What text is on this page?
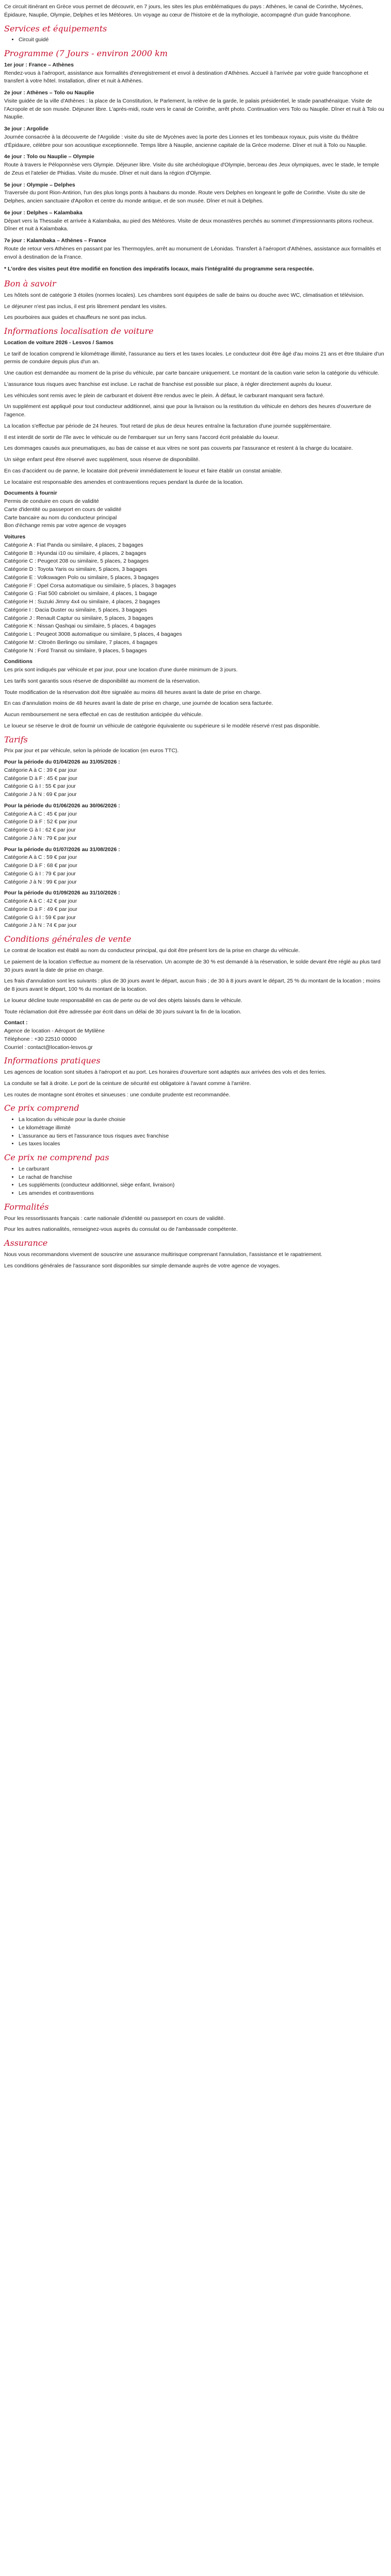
Ce circuit itinérant en Grèce vous permet de découvrir, en 7 jours, les sites les plus emblématiques du pays : Athènes, le canal de Corinthe, Mycènes, Épidaure, Nauplie, Olympie, Delphes et les Météores. Un voyage au cœur de l'histoire et de la mythologie, accompagné d'un guide francophone.

Services et équipements
• Circuit guidé
Programme (7 Jours - environ 2000 km
1er jour : France – Athènes
Rendez-vous à l'aéroport, assistance aux formalités d'enregistrement et envol à destination d'Athènes. Accueil à l'arrivée par votre guide francophone et transfert à votre hôtel. Installation, dîner et nuit à Athènes.
2e jour : Athènes – Tolo ou Nauplie
Visite guidée de la ville d'Athènes : la place de la Constitution, le Parlement, la relève de la garde, le palais présidentiel, le stade panathénaïque. Visite de l'Acropole et de son musée. Déjeuner libre. L'après-midi, route vers le canal de Corinthe, arrêt photo. Continuation vers Tolo ou Nauplie. Dîner et nuit à Tolo ou Nauplie.
3e jour : Argolide
Journée consacrée à la découverte de l'Argolide : visite du site de Mycènes avec la porte des Lionnes et les tombeaux royaux, puis visite du théâtre d'Épidaure, célèbre pour son acoustique exceptionnelle. Temps libre à Nauplie, ancienne capitale de la Grèce moderne. Dîner et nuit à Tolo ou Nauplie.
4e jour : Tolo ou Nauplie – Olympie
Route à travers le Péloponnèse vers Olympie. Déjeuner libre. Visite du site archéologique d'Olympie, berceau des Jeux olympiques, avec le stade, le temple de Zeus et l'atelier de Phidias. Visite du musée. Dîner et nuit dans la région d'Olympie.
5e jour : Olympie – Delphes
Traversée du pont Rion-Antirion, l'un des plus longs ponts à haubans du monde. Route vers Delphes en longeant le golfe de Corinthe. Visite du site de Delphes, ancien sanctuaire d'Apollon et centre du monde antique, et de son musée. Dîner et nuit à Delphes.
6e jour : Delphes – Kalambaka
Départ vers la Thessalie et arrivée à Kalambaka, au pied des Météores. Visite de deux monastères perchés au sommet d'impressionnants pitons rocheux. Dîner et nuit à Kalambaka.
7e jour : Kalambaka – Athènes – France
Route de retour vers Athènes en passant par les Thermopyles, arrêt au monument de Léonidas. Transfert à l'aéroport d'Athènes, assistance aux formalités et envol à destination de la France.

* L'ordre des visites peut être modifié en fonction des impératifs locaux, mais l'intégralité du programme sera respectée.

Bon à savoir

Les hôtels sont de catégorie 3 étoiles (normes locales). Les chambres sont équipées de salle de bains ou douche avec WC, climatisation et télévision.

Le déjeuner n'est pas inclus, il est pris librement pendant les visites.

Les pourboires aux guides et chauffeurs ne sont pas inclus.

Informations localisation de voiture

Location de voiture 2026 - Lesvos / Samos

Le tarif de location comprend le kilométrage illimité, l'assurance au tiers et les taxes locales. Le conducteur doit être âgé d'au moins 21 ans et être titulaire d'un permis de conduire depuis plus d'un an.

Une caution est demandée au moment de la prise du véhicule, par carte bancaire uniquement. Le montant de la caution varie selon la catégorie du véhicule.

L'assurance tous risques avec franchise est incluse. Le rachat de franchise est possible sur place, à régler directement auprès du loueur.

Les véhicules sont remis avec le plein de carburant et doivent être rendus avec le plein. À défaut, le carburant manquant sera facturé.

Un supplément est appliqué pour tout conducteur additionnel, ainsi que pour la livraison ou la restitution du véhicule en dehors des heures d'ouverture de l'agence.

La location s'effectue par période de 24 heures. Tout retard de plus de deux heures entraîne la facturation d'une journée supplémentaire.

Il est interdit de sortir de l'île avec le véhicule ou de l'embarquer sur un ferry sans l'accord écrit préalable du loueur.

Les dommages causés aux pneumatiques, au bas de caisse et aux vitres ne sont pas couverts par l'assurance et restent à la charge du locataire.

Un siège enfant peut être réservé avec supplément, sous réserve de disponibilité.

En cas d'accident ou de panne, le locataire doit prévenir immédiatement le loueur et faire établir un constat amiable.

Le locataire est responsable des amendes et contraventions reçues pendant la durée de la location.

Documents à fournir
Permis de conduire en cours de validité
Carte d'identité ou passeport en cours de validité
Carte bancaire au nom du conducteur principal
Bon d'échange remis par votre agence de voyages
Voitures
Catégorie A : Fiat Panda ou similaire, 4 places, 2 bagages
Catégorie B : Hyundai i10 ou similaire, 4 places, 2 bagages
Catégorie C : Peugeot 208 ou similaire, 5 places, 2 bagages
Catégorie D : Toyota Yaris ou similaire, 5 places, 3 bagages
Catégorie E : Volkswagen Polo ou similaire, 5 places, 3 bagages
Catégorie F : Opel Corsa automatique ou similaire, 5 places, 3 bagages
Catégorie G : Fiat 500 cabriolet ou similaire, 4 places, 1 bagage
Catégorie H : Suzuki Jimny 4x4 ou similaire, 4 places, 2 bagages
Catégorie I : Dacia Duster ou similaire, 5 places, 3 bagages
Catégorie J : Renault Captur ou similaire, 5 places, 3 bagages
Catégorie K : Nissan Qashqai ou similaire, 5 places, 4 bagages
Catégorie L : Peugeot 3008 automatique ou similaire, 5 places, 4 bagages
Catégorie M : Citroën Berlingo ou similaire, 7 places, 4 bagages
Catégorie N : Ford Transit ou similaire, 9 places, 5 bagages
Conditions

Les prix sont indiqués par véhicule et par jour, pour une location d'une durée minimum de 3 jours.

Les tarifs sont garantis sous réserve de disponibilité au moment de la réservation.

Toute modification de la réservation doit être signalée au moins 48 heures avant la date de prise en charge.

En cas d'annulation moins de 48 heures avant la date de prise en charge, une journée de location sera facturée.

Aucun remboursement ne sera effectué en cas de restitution anticipée du véhicule.

Le loueur se réserve le droit de fournir un véhicule de catégorie équivalente ou supérieure si le modèle réservé n'est pas disponible.

Tarifs

Prix par jour et par véhicule, selon la période de location (en euros TTC).

Pour la période du 01/04/2026 au 31/05/2026 :
Catégorie A à C : 39 € par jour
Catégorie D à F : 45 € par jour
Catégorie G à I : 55 € par jour
Catégorie J à N : 69 € par jour
Pour la période du 01/06/2026 au 30/06/2026 :
Catégorie A à C : 45 € par jour
Catégorie D à F : 52 € par jour
Catégorie G à I : 62 € par jour
Catégorie J à N : 79 € par jour
Pour la période du 01/07/2026 au 31/08/2026 :
Catégorie A à C : 59 € par jour
Catégorie D à F : 68 € par jour
Catégorie G à I : 79 € par jour
Catégorie J à N : 99 € par jour
Pour la période du 01/09/2026 au 31/10/2026 :
Catégorie A à C : 42 € par jour
Catégorie D à F : 49 € par jour
Catégorie G à I : 59 € par jour
Catégorie J à N : 74 € par jour
Conditions générales de vente

Le contrat de location est établi au nom du conducteur principal, qui doit être présent lors de la prise en charge du véhicule.

Le paiement de la location s'effectue au moment de la réservation. Un acompte de 30 % est demandé à la réservation, le solde devant être réglé au plus tard 30 jours avant la date de prise en charge.

Les frais d'annulation sont les suivants : plus de 30 jours avant le départ, aucun frais ; de 30 à 8 jours avant le départ, 25 % du montant de la location ; moins de 8 jours avant le départ, 100 % du montant de la location.

Le loueur décline toute responsabilité en cas de perte ou de vol des objets laissés dans le véhicule.

Toute réclamation doit être adressée par écrit dans un délai de 30 jours suivant la fin de la location.

Contact :
Agence de location - Aéroport de Mytilène
Téléphone : +30 22510 00000
Courriel : contact@location-lesvos.gr
Informations pratiques

Les agences de location sont situées à l'aéroport et au port. Les horaires d'ouverture sont adaptés aux arrivées des vols et des ferries.

La conduite se fait à droite. Le port de la ceinture de sécurité est obligatoire à l'avant comme à l'arrière.

Les routes de montagne sont étroites et sinueuses : une conduite prudente est recommandée.

Ce prix comprend
• La location du véhicule pour la durée choisie
• Le kilométrage illimité
• L'assurance au tiers et l'assurance tous risques avec franchise
• Les taxes locales
Ce prix ne comprend pas
• Le carburant
• Le rachat de franchise
• Les suppléments (conducteur additionnel, siège enfant, livraison)
• Les amendes et contraventions
Formalités

Pour les ressortissants français : carte nationale d'identité ou passeport en cours de validité.

Pour les autres nationalités, renseignez-vous auprès du consulat ou de l'ambassade compétente.

Assurance

Nous vous recommandons vivement de souscrire une assurance multirisque comprenant l'annulation, l'assistance et le rapatriement.

Les conditions générales de l'assurance sont disponibles sur simple demande auprès de votre agence de voyages.
